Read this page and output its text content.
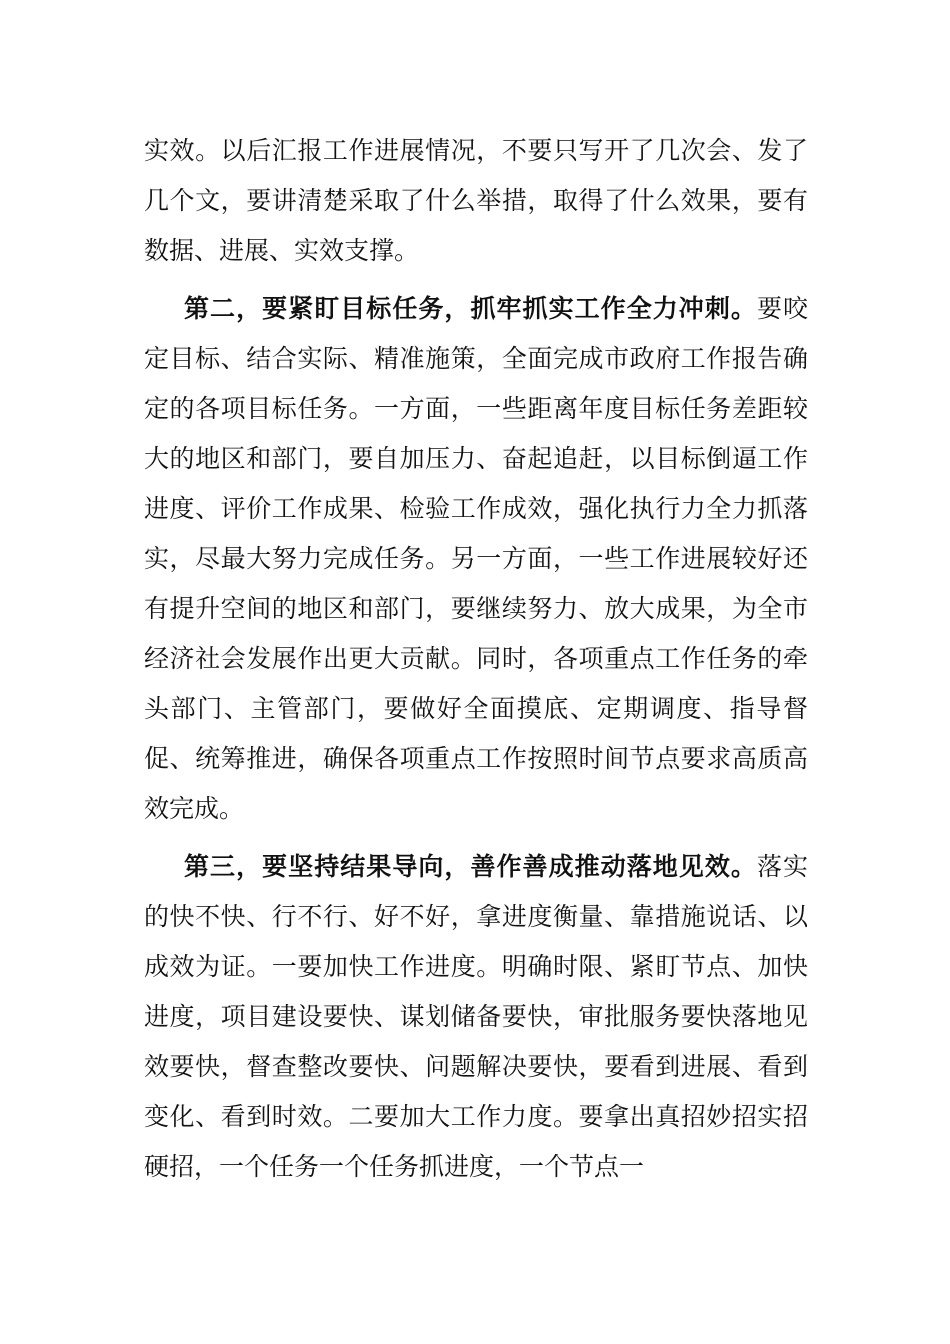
实效。以后汇报工作进展情况，不要只写开了几次会、发了几个文，要讲清楚采取了什么举措，取得了什么效果，要有数据、进展、实效支撑。

第二，要紧盯目标任务，抓牢抓实工作全力冲刺。要咬定目标、结合实际、精准施策，全面完成市政府工作报告确定的各项目标任务。一方面，一些距离年度目标任务差距较大的地区和部门，要自加压力、奋起追赶，以目标倒逼工作进度、评价工作成果、检验工作成效，强化执行力全力抓落实，尽最大努力完成任务。另一方面，一些工作进展较好还有提升空间的地区和部门，要继续努力、放大成果，为全市经济社会发展作出更大贡献。同时，各项重点工作任务的牵头部门、主管部门，要做好全面摸底、定期调度、指导督促、统筹推进，确保各项重点工作按照时间节点要求高质高效完成。

第三，要坚持结果导向，善作善成推动落地见效。落实的快不快、行不行、好不好，拿进度衡量、靠措施说话、以成效为证。一要加快工作进度。明确时限、紧盯节点、加快进度，项目建设要快、谋划储备要快，审批服务要快落地见效要快，督查整改要快、问题解决要快，要看到进展、看到变化、看到时效。二要加大工作力度。要拿出真招妙招实招硬招，一个任务一个任务抓进度，一个节点一
